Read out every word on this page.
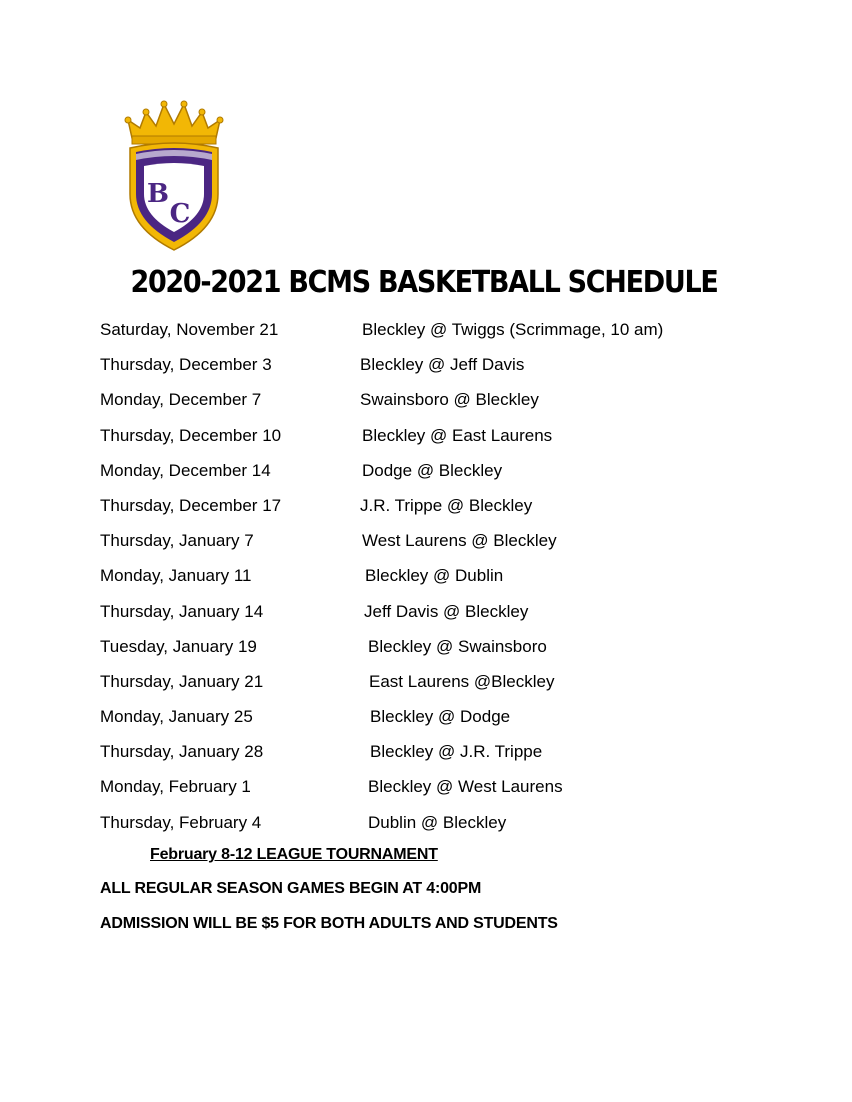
B
C
2020-2021 BCMS BASKETBALL SCHEDULE
Saturday, November 21	Bleckley @ Twiggs (Scrimmage, 10 am)
Thursday, December 3	Bleckley @ Jeff Davis
Monday, December 7	Swainsboro @ Bleckley
Thursday, December 10	Bleckley @ East Laurens
Monday, December 14	Dodge @ Bleckley
Thursday, December 17	J.R. Trippe @ Bleckley
Thursday, January 7	West Laurens @ Bleckley
Monday, January 11	Bleckley @ Dublin
Thursday, January 14	Jeff Davis @ Bleckley
Tuesday, January 19	Bleckley @ Swainsboro
Thursday, January 21	East Laurens @Bleckley
Monday, January 25	Bleckley @ Dodge
Thursday, January 28	Bleckley @ J.R. Trippe
Monday, February 1	Bleckley @ West Laurens
Thursday, February 4	Dublin @ Bleckley
February 8-12 LEAGUE TOURNAMENT
ALL REGULAR SEASON GAMES BEGIN AT 4:00PM
ADMISSION WILL BE $5 FOR BOTH ADULTS AND STUDENTS
